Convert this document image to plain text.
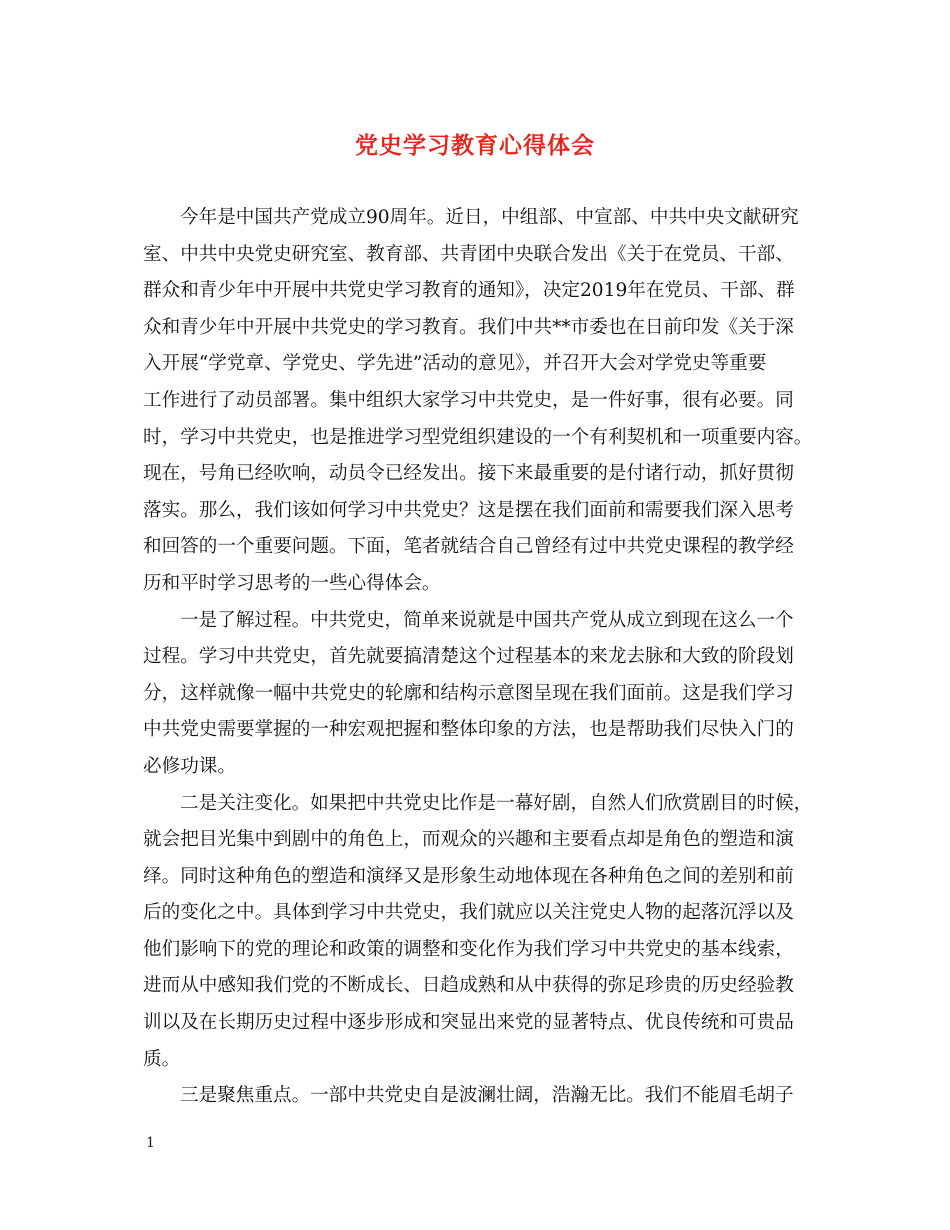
党史学习教育心得体会

今年是中国共产党成立90周年。近日，中组部、中宣部、中共中央文献研究
室、中共中央党史研究室、教育部、共青团中央联合发出《关于在党员、干部、
群众和青少年中开展中共党史学习教育的通知》，决定2019年在党员、干部、群
众和青少年中开展中共党史的学习教育。我们中共**市委也在日前印发《关于深
入开展“学党章、学党史、学先进”活动的意见》，并召开大会对学党史等重要
工作进行了动员部署。集中组织大家学习中共党史，是一件好事，很有必要。同
时，学习中共党史，也是推进学习型党组织建设的一个有利契机和一项重要内容。
现在，号角已经吹响，动员令已经发出。接下来最重要的是付诸行动，抓好贯彻
落实。那么，我们该如何学习中共党史？这是摆在我们面前和需要我们深入思考
和回答的一个重要问题。下面，笔者就结合自己曾经有过中共党史课程的教学经
历和平时学习思考的一些心得体会。

一是了解过程。中共党史，简单来说就是中国共产党从成立到现在这么一个
过程。学习中共党史，首先就要搞清楚这个过程基本的来龙去脉和大致的阶段划
分，这样就像一幅中共党史的轮廓和结构示意图呈现在我们面前。这是我们学习
中共党史需要掌握的一种宏观把握和整体印象的方法，也是帮助我们尽快入门的
必修功课。

二是关注变化。如果把中共党史比作是一幕好剧，自然人们欣赏剧目的时候，
就会把目光集中到剧中的角色上，而观众的兴趣和主要看点却是角色的塑造和演
绎。同时这种角色的塑造和演绎又是形象生动地体现在各种角色之间的差别和前
后的变化之中。具体到学习中共党史，我们就应以关注党史人物的起落沉浮以及
他们影响下的党的理论和政策的调整和变化作为我们学习中共党史的基本线索，
进而从中感知我们党的不断成长、日趋成熟和从中获得的弥足珍贵的历史经验教
训以及在长期历史过程中逐步形成和突显出来党的显著特点、优良传统和可贵品
质。

三是聚焦重点。一部中共党史自是波澜壮阔，浩瀚无比。我们不能眉毛胡子

1
